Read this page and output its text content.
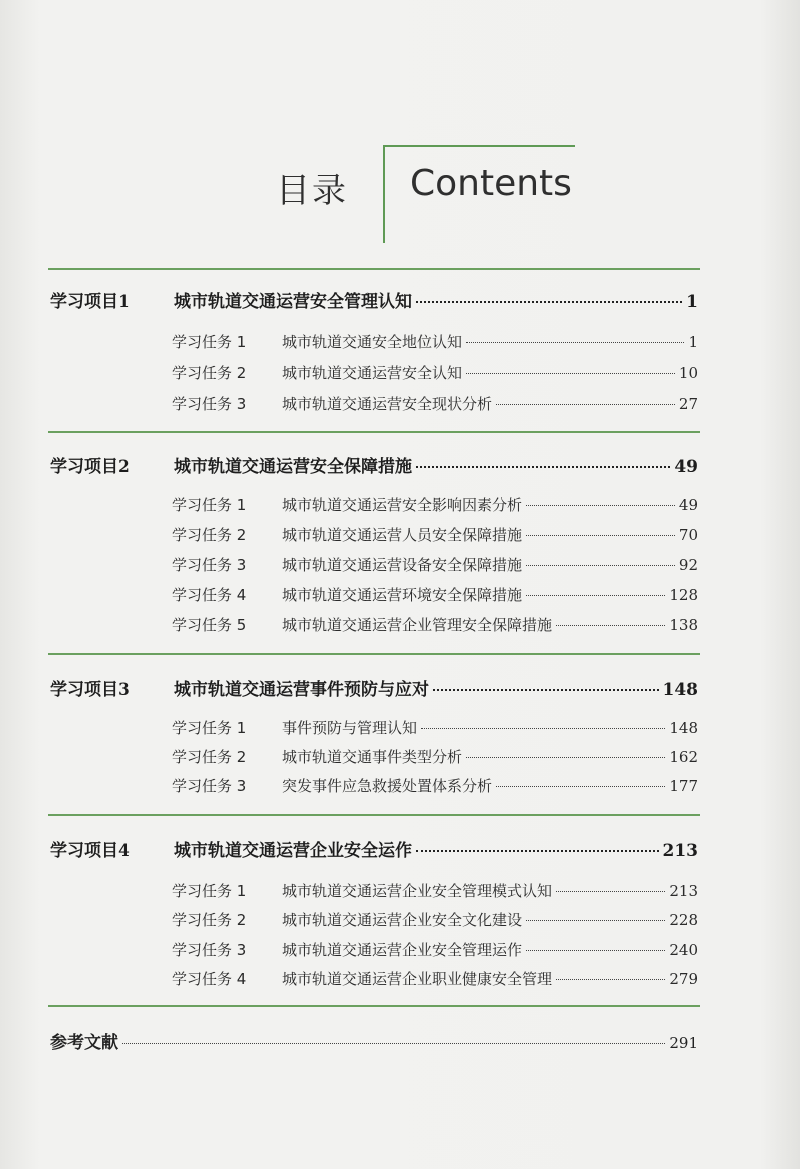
目录 Contents
学习项目1	城市轨道交通运营安全管理认知	1
学习任务 1	城市轨道交通安全地位认知	1
学习任务 2	城市轨道交通运营安全认知	10
学习任务 3	城市轨道交通运营安全现状分析	27
学习项目2	城市轨道交通运营安全保障措施	49
学习任务 1	城市轨道交通运营安全影响因素分析	49
学习任务 2	城市轨道交通运营人员安全保障措施	70
学习任务 3	城市轨道交通运营设备安全保障措施	92
学习任务 4	城市轨道交通运营环境安全保障措施	128
学习任务 5	城市轨道交通运营企业管理安全保障措施	138
学习项目3	城市轨道交通运营事件预防与应对	148
学习任务 1	事件预防与管理认知	148
学习任务 2	城市轨道交通事件类型分析	162
学习任务 3	突发事件应急救援处置体系分析	177
学习项目4	城市轨道交通运营企业安全运作	213
学习任务 1	城市轨道交通运营企业安全管理模式认知	213
学习任务 2	城市轨道交通运营企业安全文化建设	228
学习任务 3	城市轨道交通运营企业安全管理运作	240
学习任务 4	城市轨道交通运营企业职业健康安全管理	279
参考文献	291
